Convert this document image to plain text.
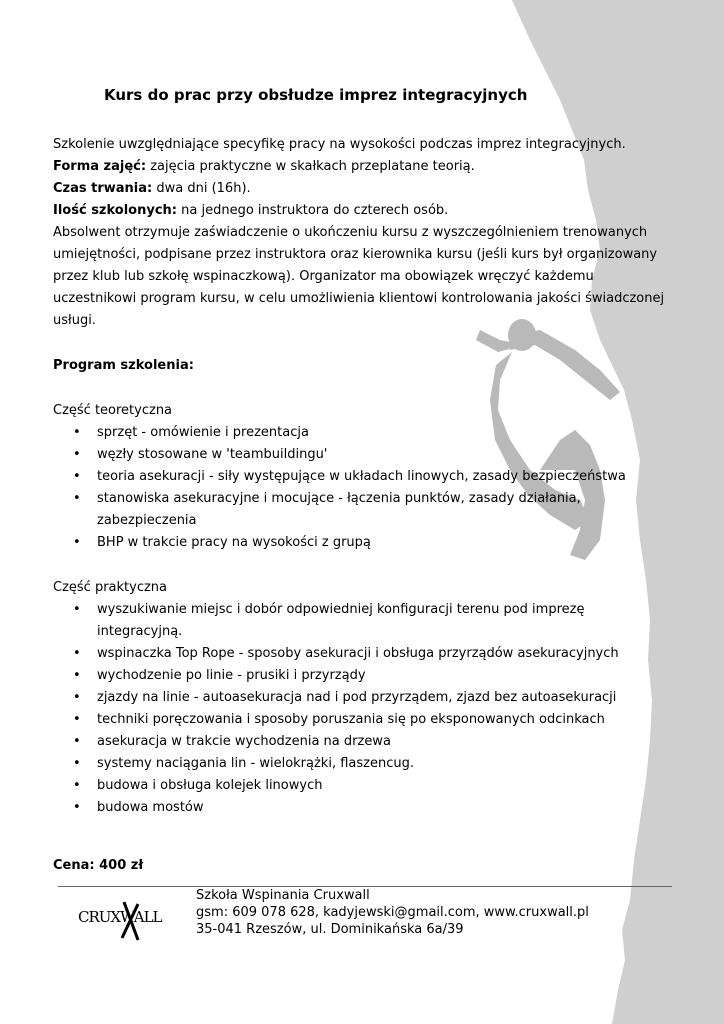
Kurs do prac przy obsłudze imprez integracyjnych
Szkolenie uwzględniające specyfikę pracy na wysokości podczas imprez integracyjnych.
Forma zajęć: zajęcia praktyczne w skałkach przeplatane teorią.
Czas trwania: dwa dni (16h).
Ilość szkolonych: na jednego instruktora do czterech osób.
Absolwent otrzymuje zaświadczenie o ukończeniu kursu z wyszczególnieniem trenowanych
umiejętności, podpisane przez instruktora oraz kierownika kursu (jeśli kurs był organizowany
przez klub lub szkołę wspinaczkową). Organizator ma obowiązek wręczyć każdemu
uczestnikowi program kursu, w celu umożliwienia klientowi kontrolowania jakości świadczonej
usługi.
Program szkolenia:
Część teoretyczna
• sprzęt - omówienie i prezentacja
• węzły stosowane w 'teambuildingu'
• teoria asekuracji - siły występujące w układach linowych, zasady bezpieczeństwa
• stanowiska asekuracyjne i mocujące - łączenia punktów, zasady działania,
zabezpieczenia
• BHP w trakcie pracy na wysokości z grupą
Część praktyczna
• wyszukiwanie miejsc i dobór odpowiedniej konfiguracji terenu pod imprezę
integracyjną.
• wspinaczka Top Rope - sposoby asekuracji i obsługa przyrządów asekuracyjnych
• wychodzenie po linie - prusiki i przyrządy
• zjazdy na linie - autoasekuracja nad i pod przyrządem, zjazd bez autoasekuracji
• techniki poręczowania i sposoby poruszania się po eksponowanych odcinkach
• asekuracja w trakcie wychodzenia na drzewa
• systemy naciągania lin - wielokrążki, flaszencug.
• budowa i obsługa kolejek linowych
• budowa mostów
Cena: 400 zł
CRUXWALL
Szkoła Wspinania Cruxwall
gsm: 609 078 628, kadyjewski@gmail.com, www.cruxwall.pl
35-041 Rzeszów, ul. Dominikańska 6a/39
